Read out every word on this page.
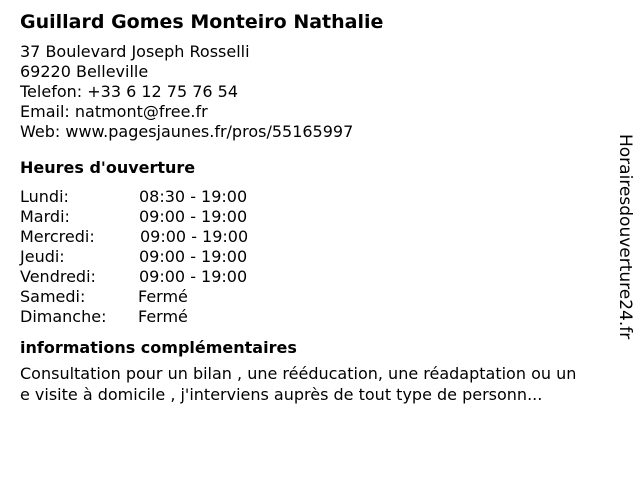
Guillard Gomes Monteiro Nathalie
37 Boulevard Joseph Rosselli
69220 Belleville
Telefon: +33 6 12 75 76 54
Email: natmont@free.fr
Web: www.pagesjaunes.fr/pros/55165997
Heures d'ouverture
Lundi:	08:30 - 19:00
Mardi:	09:00 - 19:00
Mercredi:	09:00 - 19:00
Jeudi:	09:00 - 19:00
Vendredi:	09:00 - 19:00
Samedi:	Fermé
Dimanche: Fermé
informations complémentaires
Consultation pour un bilan , une rééducation, une réadaptation ou un
e visite à domicile , j'interviens auprès de tout type de personn...
Horairesdouverture24.fr
